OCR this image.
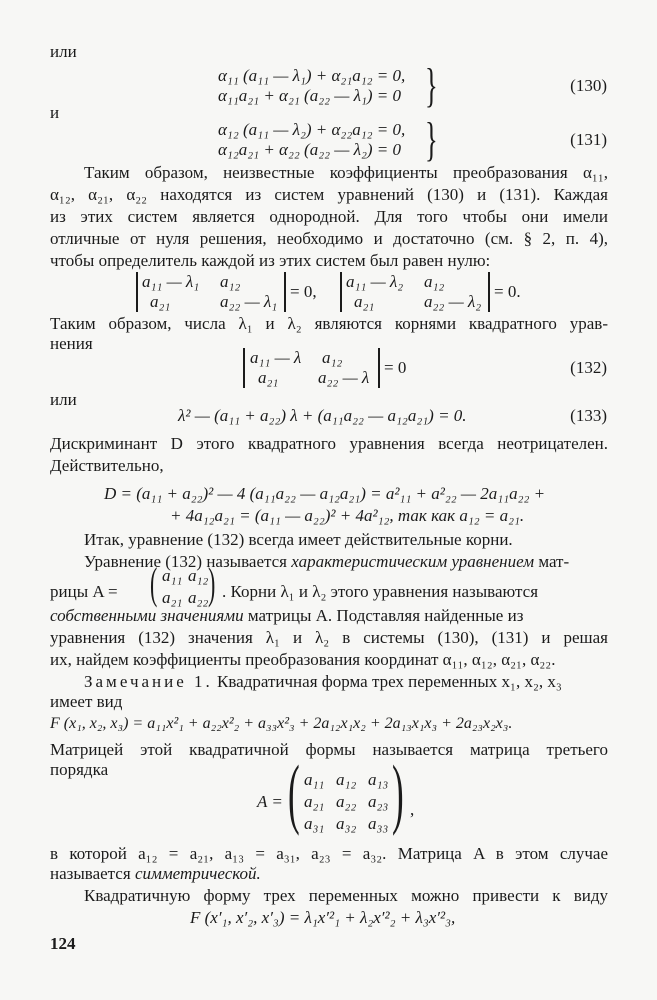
или
α₁₁ (a₁₁ — λ₁) + α₂₁a₁₂ = 0,
α₁₁a₂₁ + α₂₁ (a₂₂ — λ₁) = 0 }	(130)
и
α₁₂ (a₁₁ — λ₂) + α₂₂a₁₂ = 0,
α₁₂a₂₁ + α₂₂ (a₂₂ — λ₂) = 0 }	(131)
Таким образом, неизвестные коэффициенты преобразования α₁₁,
α₁₂, α₂₁, α₂₂ находятся из систем уравнений (130) и (131). Каждая
из этих систем является однородной. Для того чтобы они имели
отличные от нуля решения, необходимо и достаточно (см. § 2, п. 4),
чтобы определитель каждой из этих систем был равен нулю:
a₁₁ — λ₁ a₁₂
a₂₁	a₂₂ — λ₁
= 0,
a₁₁ — λ₂ a₁₂
a₂₁	a₂₂ — λ₂
= 0.
Таким образом, числа λ₁ и λ₂ являются корнями квадратного урав-
нения
a₁₁ — λ a₁₂
a₂₁ a₂₂ — λ
= 0	(132)
или
λ² — (a₁₁ + a₂₂) λ + (a₁₁a₂₂ — a₁₂a₂₁) = 0.	(133)
Дискриминант D этого квадратного уравнения всегда неотрицателен.
Действительно,
D = (a₁₁ + a₂₂)² — 4 (a₁₁a₂₂ — a₁₂a₂₁) = a²₁₁ + a²₂₂ — 2a₁₁a₂₂ +
+ 4a₁₂a₂₁ = (a₁₁ — a₂₂)² + 4a²₁₂, так как a₁₂ = a₂₁.
Итак, уравнение (132) всегда имеет действительные корни.
Уравнение (132) называется характеристическим уравнением мат-
рицы A = ( a₁₁ a₁₂
a₂₁ a₂₂ ) . Корни λ₁ и λ₂ этого уравнения называются
собственными значениями матрицы A. Подставляя найденные из
уравнения (132) значения λ₁ и λ₂ в системы (130), (131) и решая
их, найдем коэффициенты преобразования координат α₁₁, α₁₂, α₂₁, α₂₂.
Замечание 1. Квадратичная форма трех переменных x₁, x₂, x₃
имеет вид
F (x₁, x₂, x₃) = a₁₁x²₁ + a₂₂x²₂ + a₃₃x²₃ + 2a₁₂x₁x₂ + 2a₁₃x₁x₃ + 2a₂₃x₂x₃.
Матрицей этой квадратичной формы называется матрица третьего
порядка
A = ( a₁₁ a₁₂ a₁₃
a₂₁ a₂₂ a₂₃
a₃₁ a₃₂ a₃₃ ) ,
в которой a₁₂ = a₂₁, a₁₃ = a₃₁, a₂₃ = a₃₂. Матрица A в этом случае
называется симметрической.
Квадратичную форму трех переменных можно привести к виду
F (x′₁, x′₂, x′₃) = λ₁x′²₁ + λ₂x′²₂ + λ₃x′²₃,
124
